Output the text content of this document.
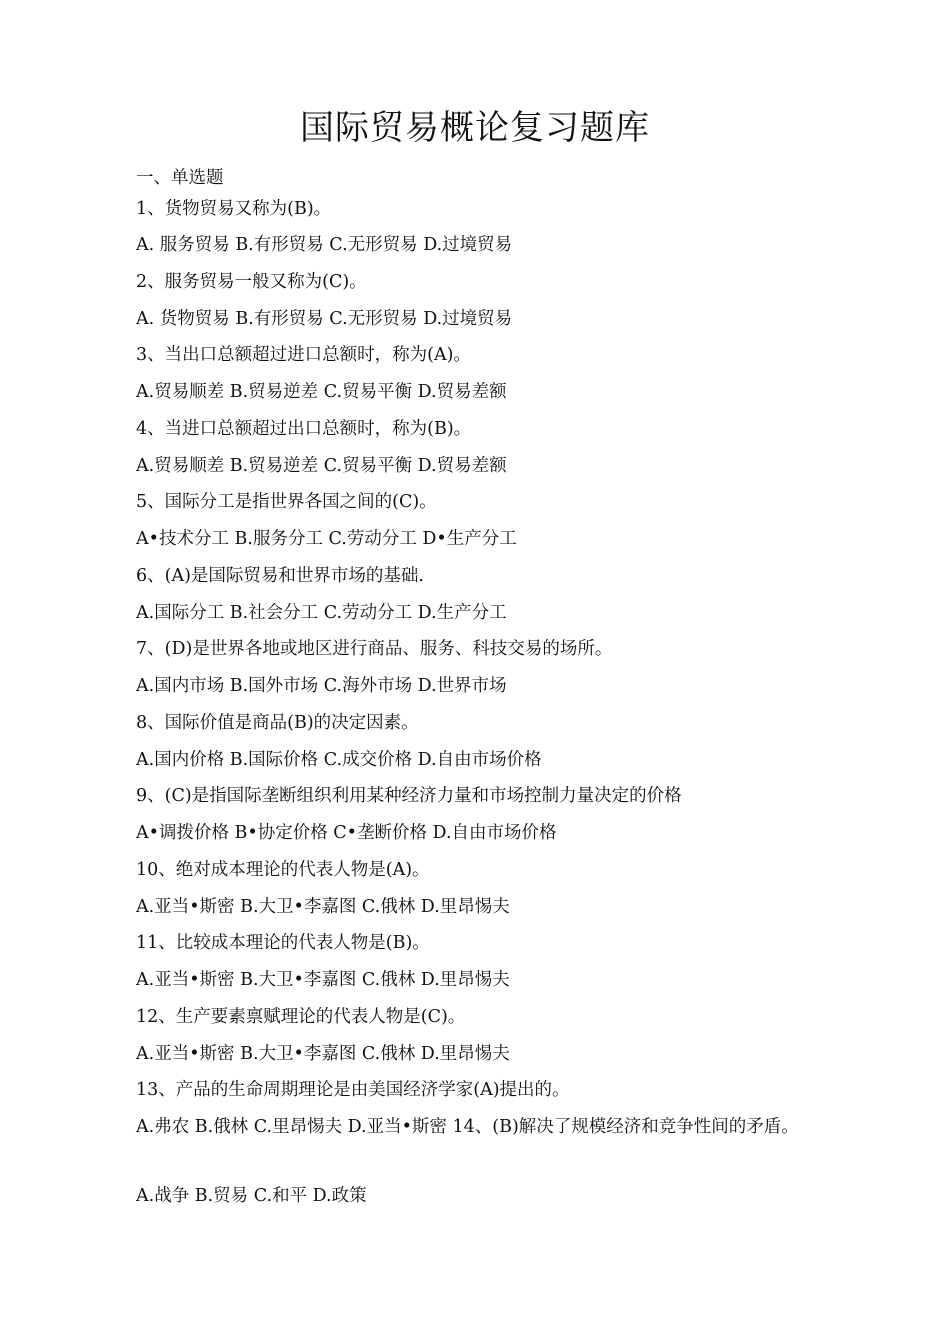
国际贸易概论复习题库
一、单选题
1、货物贸易又称为(B)。
A. 服务贸易 B.有形贸易 C.无形贸易 D.过境贸易
2、服务贸易一般又称为(C)。
A. 货物贸易 B.有形贸易 C.无形贸易 D.过境贸易
3、当出口总额超过进口总额时，称为(A)。
A.贸易顺差 B.贸易逆差 C.贸易平衡 D.贸易差额
4、当进口总额超过出口总额时，称为(B)。
A.贸易顺差 B.贸易逆差 C.贸易平衡 D.贸易差额
5、国际分工是指世界各国之间的(C)。
A•技术分工 B.服务分工 C.劳动分工 D•生产分工
6、(A)是国际贸易和世界市场的基础.
A.国际分工 B.社会分工 C.劳动分工 D.生产分工
7、(D)是世界各地或地区进行商品、服务、科技交易的场所。
A.国内市场 B.国外市场 C.海外市场 D.世界市场
8、国际价值是商品(B)的决定因素。
A.国内价格 B.国际价格 C.成交价格 D.自由市场价格
9、(C)是指国际垄断组织利用某种经济力量和市场控制力量决定的价格
A•调拨价格 B•协定价格 C•垄断价格 D.自由市场价格
10、绝对成本理论的代表人物是(A)。
A.亚当•斯密 B.大卫•李嘉图 C.俄林 D.里昂惕夫
11、比较成本理论的代表人物是(B)。
A.亚当•斯密 B.大卫•李嘉图 C.俄林 D.里昂惕夫
12、生产要素禀赋理论的代表人物是(C)。
A.亚当•斯密 B.大卫•李嘉图 C.俄林 D.里昂惕夫
13、产品的生命周期理论是由美国经济学家(A)提出的。
A.弗农 B.俄林 C.里昂惕夫 D.亚当•斯密 14、(B)解决了规模经济和竞争性间的矛盾。
A.战争 B.贸易 C.和平 D.政策
